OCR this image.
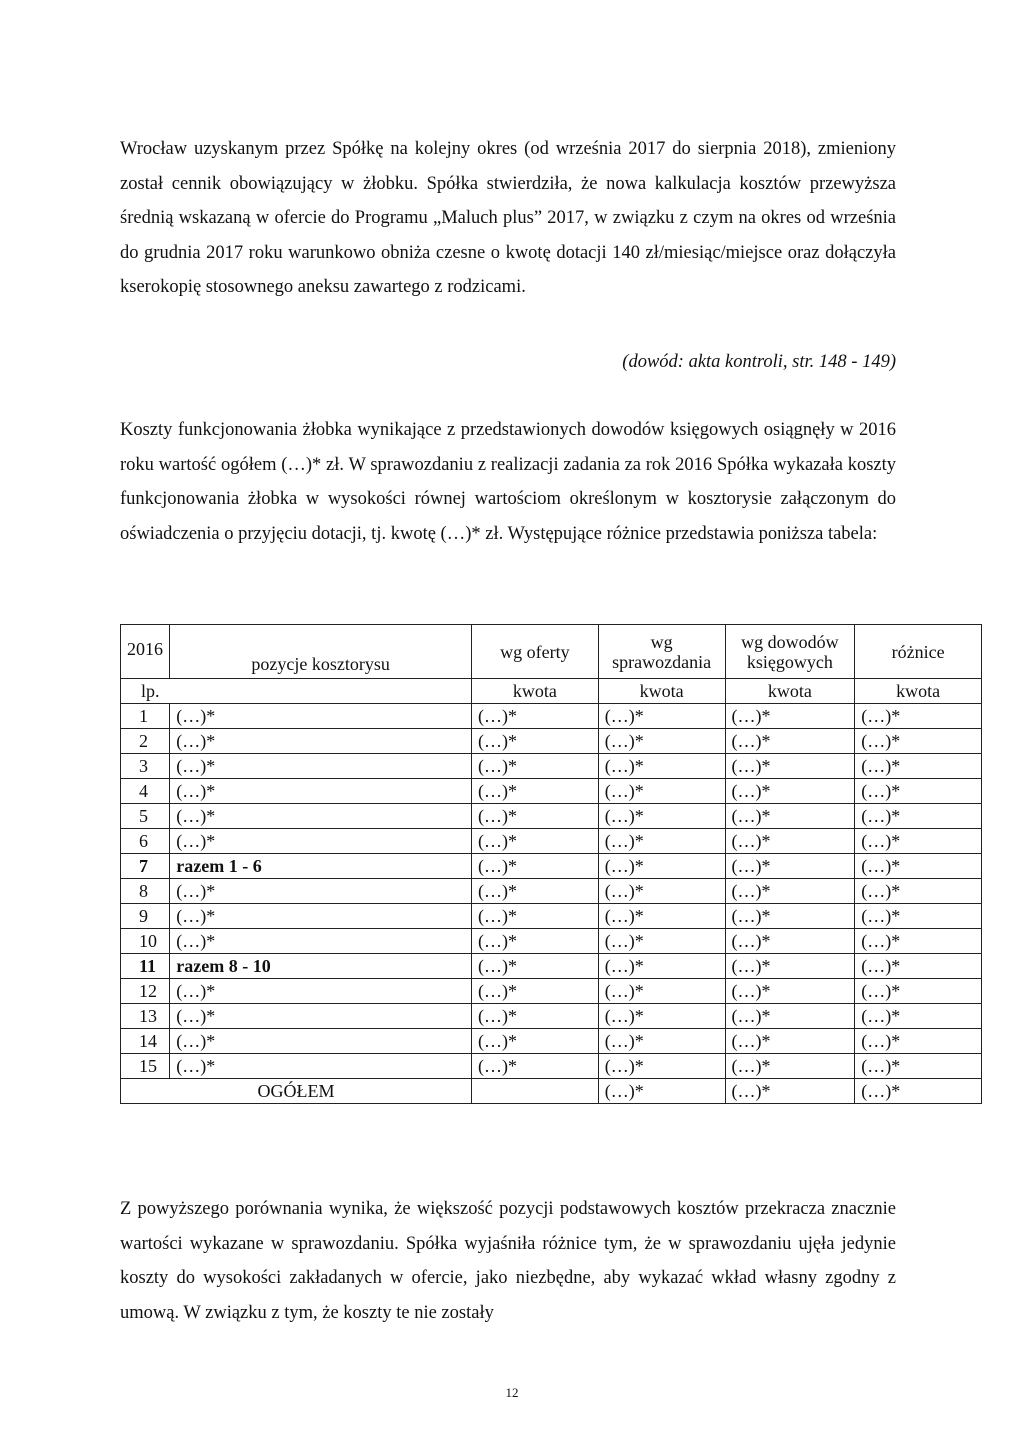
Wrocław uzyskanym przez Spółkę na kolejny okres (od września 2017 do sierpnia 2018), zmieniony został cennik obowiązujący w żłobku. Spółka stwierdziła, że nowa kalkulacja kosztów przewyższa średnią wskazaną w ofercie do Programu „Maluch plus” 2017, w związku z czym na okres od września do grudnia 2017 roku warunkowo obniża czesne o kwotę dotacji 140 zł/miesiąc/miejsce oraz dołączyła kserokopię stosownego aneksu zawartego z rodzicami.

(dowód: akta kontroli, str. 148 - 149)

Koszty funkcjonowania żłobka wynikające z przedstawionych dowodów księgowych osiągnęły w 2016 roku wartość ogółem (…)* zł. W sprawozdaniu z realizacji zadania za rok 2016 Spółka wykazała koszty funkcjonowania żłobka w wysokości równej wartościom określonym w kosztorysie załączonym do oświadczenia o przyjęciu dotacji, tj. kwotę (…)* zł. Występujące różnice przedstawia poniższa tabela:

2016	pozycje kosztorysu	wg oferty	wg sprawozdania	wg dowodów księgowych	różnice
lp.		kwota	kwota	kwota	kwota
1	(…)*	(…)*	(…)*	(…)*	(…)*
2	(…)*	(…)*	(…)*	(…)*	(…)*
3	(…)*	(…)*	(…)*	(…)*	(…)*
4	(…)*	(…)*	(…)*	(…)*	(…)*
5	(…)*	(…)*	(…)*	(…)*	(…)*
6	(…)*	(…)*	(…)*	(…)*	(…)*
7	razem 1 - 6	(…)*	(…)*	(…)*	(…)*
8	(…)*	(…)*	(…)*	(…)*	(…)*
9	(…)*	(…)*	(…)*	(…)*	(…)*
10	(…)*	(…)*	(…)*	(…)*	(…)*
11	razem 8 - 10	(…)*	(…)*	(…)*	(…)*
12	(…)*	(…)*	(…)*	(…)*	(…)*
13	(…)*	(…)*	(…)*	(…)*	(…)*
14	(…)*	(…)*	(…)*	(…)*	(…)*
15	(…)*	(…)*	(…)*	(…)*	(…)*
OGÓŁEM			(…)*	(…)*	(…)*

Z powyższego porównania wynika, że większość pozycji podstawowych kosztów przekracza znacznie wartości wykazane w sprawozdaniu. Spółka wyjaśniła różnice tym, że w sprawozdaniu ujęła jedynie koszty do wysokości zakładanych w ofercie, jako niezbędne, aby wykazać wkład własny zgodny z umową. W związku z tym, że koszty te nie zostały

12
